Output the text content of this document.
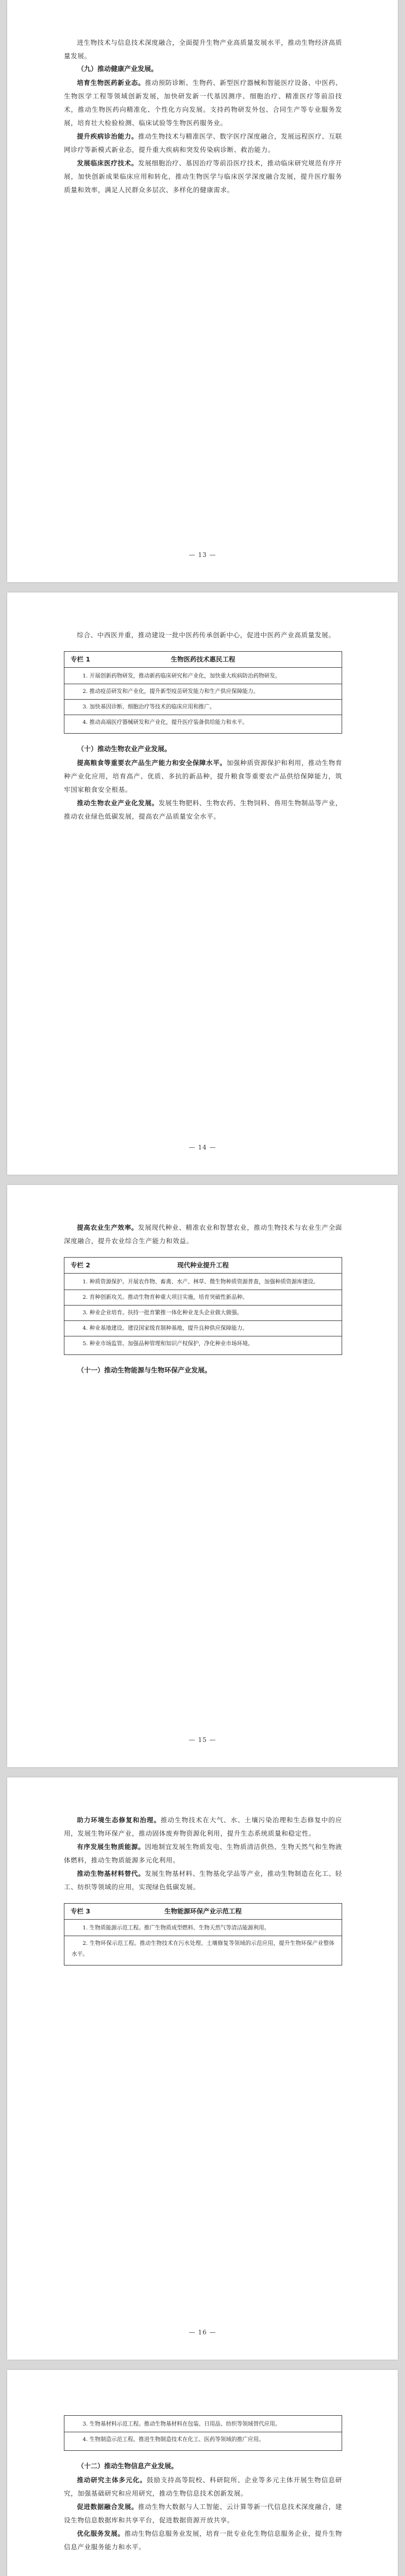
进生物技术与信息技术深度融合，全面提升生物产业高质量发展水平，推动生物经济高质量发展。

（九）推动健康产业发展。

培育生物医药新业态。推动预防诊断、生物药、新型医疗器械和智能医疗设备、中医药、生物医学工程等领域创新发展，加快研发新一代基因测序、细胞治疗、精准医疗等前沿技术，推动生物医药向精准化、个性化方向发展。支持药物研发外包、合同生产等专业服务发展，培育壮大检验检测、临床试验等生物医药服务业。

提升疾病诊治能力。推动生物技术与精准医学、数字医疗深度融合，发展远程医疗、互联网诊疗等新模式新业态，提升重大疾病和突发传染病诊断、救治能力。

发展临床医疗技术。发展细胞治疗、基因治疗等前沿医疗技术，推动临床研究规范有序开展，加快创新成果临床应用和转化，推动生物医学与临床医学深度融合发展，提升医疗服务质量和效率，满足人民群众多层次、多样化的健康需求。

— 13 —

综合、中西医并重，推动建设一批中医药传承创新中心，促进中医药产业高质量发展。

专栏 1	生物医药技术惠民工程

1. 开展创新药物研发，推动新药临床研究和产业化，加快重大疾病防治药物研发。

2. 推动疫苗研发和产业化，提升新型疫苗研发能力和生产供应保障能力。

3. 加快基因诊断、细胞治疗等技术的临床应用和推广。

4. 推动高端医疗器械研发和产业化，提升医疗装备供给能力和水平。

（十）推动生物农业产业发展。

提高粮食等重要农产品生产能力和安全保障水平。加强种质资源保护和利用，推动生物育种产业化应用，培育高产、优质、多抗的新品种，提升粮食等重要农产品供给保障能力，筑牢国家粮食安全根基。

推动生物农业产业化发展。发展生物肥料、生物农药、生物饲料、兽用生物制品等产业，推动农业绿色低碳发展，提高农产品质量安全水平。

— 14 —

提高农业生产效率。发展现代种业、精准农业和智慧农业，推动生物技术与农业生产全面深度融合，提升农业综合生产能力和效益。

专栏 2	现代种业提升工程

1. 种质资源保护。开展农作物、畜禽、水产、林草、微生物种质资源普查，加强种质资源库建设。

2. 育种创新攻关。推动生物育种重大项目实施，培育突破性新品种。

3. 种业企业培育。扶持一批育繁推一体化种业龙头企业做大做强。

4. 种业基地建设。建设国家级育制种基地，提升良种供应保障能力。

5. 种业市场监管。加强品种管理和知识产权保护，净化种业市场环境。

（十一）推动生物能源与生物环保产业发展。

— 15 —

助力环境生态修复和治理。推动生物技术在大气、水、土壤污染治理和生态修复中的应用，发展生物环保产业，推动固体废弃物资源化利用，提升生态系统质量和稳定性。

有序发展生物质能源。因地制宜发展生物质发电、生物质清洁供热、生物天然气和生物液体燃料，推动生物质能源多元化利用。

推动生物基材料替代。发展生物基材料、生物基化学品等产业，推动生物制造在化工、轻工、纺织等领域的应用，实现绿色低碳发展。

专栏 3	生物能源环保产业示范工程

1. 生物质能源示范工程。推广生物质成型燃料、生物天然气等清洁能源利用。

2. 生物环保示范工程。推动生物技术在污水处理、土壤修复等领域的示范应用，提升生物环保产业整体水平。

— 16 —

3. 生物基材料示范工程。推动生物基材料在包装、日用品、纺织等领域替代应用。

4. 生物制造示范工程。推进生物制造技术在化工、医药等领域的推广应用。

（十二）推动生物信息产业发展。

推动研究主体多元化。鼓励支持高等院校、科研院所、企业等多元主体开展生物信息研究，加强基础研究和应用研究，推动生物信息技术创新发展。

促进数据融合发展。推动生物大数据与人工智能、云计算等新一代信息技术深度融合，建设生物信息数据库和共享平台，促进数据资源开放共享。

优化服务发展。推动生物信息服务业发展，培育一批专业化生物信息服务企业，提升生物信息产业服务能力和水平。
